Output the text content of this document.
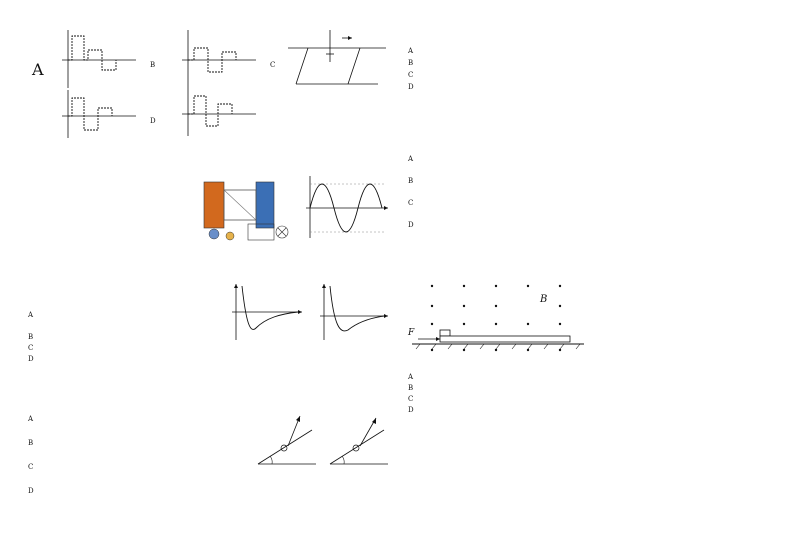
A	B	C
D
A
B
C
D
A
B
C
D
A
B
C
D
A
B
C
D
B
F
A
B
C
D
